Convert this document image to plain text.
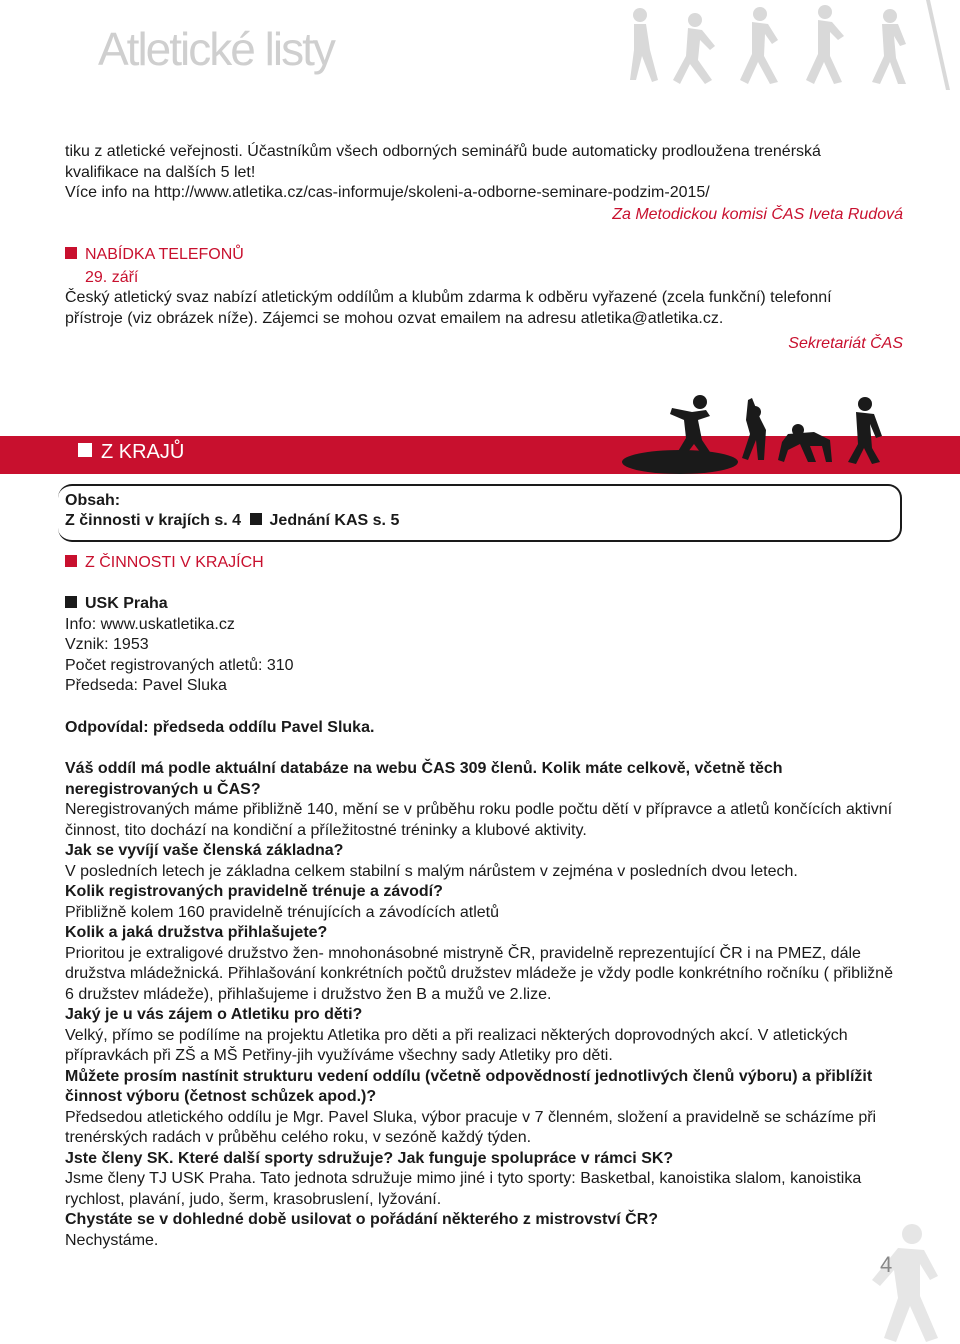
Atletické listy

tiku z atletické veřejnosti. Účastníkům všech odborných seminářů bude automaticky prodloužena trenérská

kvalifikace na dalších 5 let!

Více info na http://www.atletika.cz/cas-informuje/skoleni-a-odborne-seminare-podzim-2015/

Za Metodickou komisi ČAS Iveta Rudová

NABÍDKA TELEFONŮ

29. září

Český atletický svaz nabízí atletickým oddílům a klubům zdarma k odběru vyřazené (zcela funkční) telefonní

přístroje (viz obrázek níže). Zájemci se mohou ozvat emailem na adresu atletika@atletika.cz.

Sekretariát ČAS

Z KRAJŮ
Obsah:
Z činnosti v krajích s. 4 Jednání KAS s. 5

Z ČINNOSTI V KRAJÍCH

USK Praha

Info: www.uskatletika.cz

Vznik: 1953

Počet registrovaných atletů: 310

Předseda: Pavel Sluka

Odpovídal: předseda oddílu Pavel Sluka.

Váš oddíl má podle aktuální databáze na webu ČAS 309 členů. Kolik máte celkově, včetně těch neregistrovaných u ČAS?

Neregistrovaných máme přibližně 140, mění se v průběhu roku podle počtu dětí v přípravce a atletů končících aktivní činnost, tito dochází na kondiční a příležitostné tréninky a klubové aktivity.

Jak se vyvíjí vaše členská základna?

V posledních letech je základna celkem stabilní s malým nárůstem v zejména v posledních dvou letech.

Kolik registrovaných pravidelně trénuje a závodí?

Přibližně kolem 160 pravidelně trénujících a závodících atletů

Kolik a jaká družstva přihlašujete?

Prioritou je extraligové družstvo žen- mnohonásobné mistryně ČR, pravidelně reprezentující ČR i na PMEZ, dále družstva mládežnická. Přihlašování konkrétních počtů družstev mládeže je vždy podle konkrétního ročníku ( přibližně 6 družstev mládeže), přihlašujeme i družstvo žen B a mužů ve 2.lize.

Jaký je u vás zájem o Atletiku pro děti?

Velký, přímo se podílíme na projektu Atletika pro děti a při realizaci některých doprovodných akcí. V atletických přípravkách při ZŠ a MŠ Petřiny-jih využíváme všechny sady Atletiky pro děti.

Můžete prosím nastínit strukturu vedení oddílu (včetně odpovědností jednotlivých členů výboru) a přiblížit činnost výboru (četnost schůzek apod.)?

Předsedou atletického oddílu je Mgr. Pavel Sluka, výbor pracuje v 7 členném, složení a pravidelně se scházíme při trenérských radách v průběhu celého roku, v sezóně každý týden.

Jste členy SK. Které další sporty sdružuje? Jak funguje spolupráce v rámci SK?

Jsme členy TJ USK Praha. Tato jednota sdružuje mimo jiné i tyto sporty: Basketbal, kanoistika slalom, kanoistika rychlost, plavání, judo, šerm, krasobruslení, lyžování.

Chystáte se v dohledné době usilovat o pořádání některého z mistrovství ČR?

Nechystáme.

4
